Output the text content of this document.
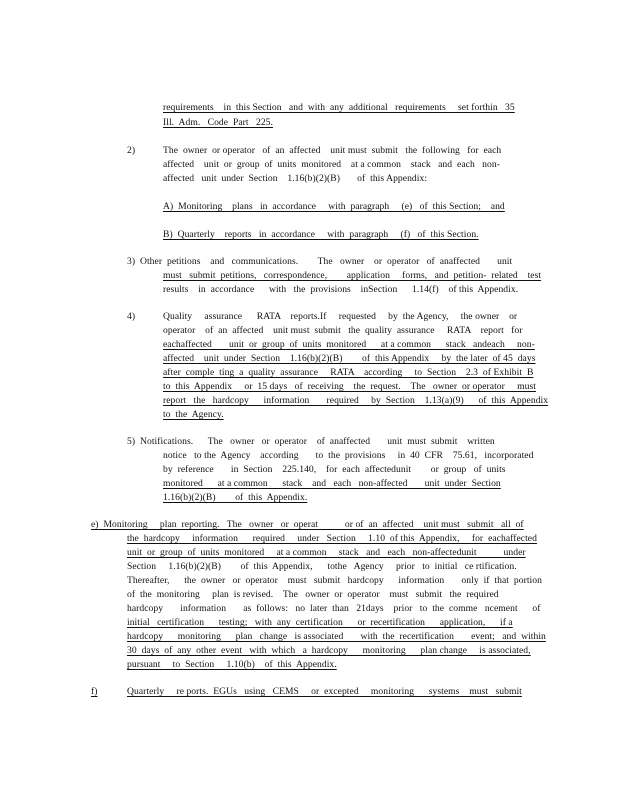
requirements    in  this Section   and  with  any  additional   requirements     set forthin   35
Ill.  Adm.   Code  Part   225.
2)	The  owner  or operator   of  an  affected    unit must  submit   the  following   for  each
affected    unit  or  group  of  units  monitored    at a common    stack   and  each   non-
affected   unit  under  Section    1.16(b)(2)(B)       of  this Appendix:
A)  Monitoring    plans   in  accordance     with  paragraph     (e)   of  this Section;    and
B)  Quarterly    reports   in  accordance     with  paragraph     (f)   of  this Section.
3)  Other  petitions    and   communications.        The   owner    or  operator   of  anaffected       unit
must   submit  petitions,   correspondence,        application     forms,   and  petition-  related    test
results    in  accordance      with   the  provisions    inSection      1.14(f)    of this  Appendix.
4)	Quality     assurance      RATA    reports.If     requested     by  the Agency,     the owner    or
operator    of  an  affected    unit must  submit   the  quality  assurance     RATA    report   for
eachaffected       unit  or  group  of  units  monitored      at a common      stack   andeach     non-
affected    unit  under  Section    1.16(b)(2)(B)        of  this Appendix     by  the later  of 45  days
after  comple  ting  a  quality  assurance     RATA    according     to  Section    2.3  of Exhibit  B
to  this  Appendix     or  15 days   of  receiving    the  request.    The   owner  or operator     must
report   the   hardcopy      information       required     by  Section    1.13(a)(9)      of  this  Appendix
to  the  Agency.
5)  Notifications.      The   owner   or  operator    of  anaffected       unit  must  submit    written
notice   to the  Agency    according       to  the  provisions     in  40  CFR    75.61,   incorporated
by  reference       in  Section    225.140,    for  each  affectedunit        or  group   of  units
monitored      at a common      stack    and   each   non-affected       unit  under  Section
1.16(b)(2)(B)        of  this  Appendix.
e)  Monitoring     plan  reporting.   The   owner   or  operat           or of  an  affected    unit must   submit   all  of
the  hardcopy     information      required     under   Section     1.10  of this  Appendix,     for  eachaffected
unit  or  group  of  units  monitored     at a common     stack   and   each   non-affectedunit           under
Section     1.16(b)(2)(B)        of  this  Appendix,      tothe   Agency     prior   to  initial   ce rtification.
Thereafter,      the  owner   or  operator    must   submit   hardcopy      information       only  if  that  portion
of  the  monitoring     plan  is revised.    The   owner  or  operator    must   submit   the  required
hardcopy       information       as  follows:   no  later  than   21days    prior   to  the  comme   ncement      of
initial   certification      testing;   with  any  certification      or  recertification      application,      if a
hardcopy      monitoring      plan   change   is associated       with  the  recertification       event;   and  within
30  days  of  any  other  event   with  which   a  hardcopy      monitoring      plan change     is associated,
pursuant     to  Section     1.10(b)    of  this  Appendix.
f)	Quarterly     re ports.  EGUs   using   CEMS     or  excepted     monitoring      systems    must   submit
